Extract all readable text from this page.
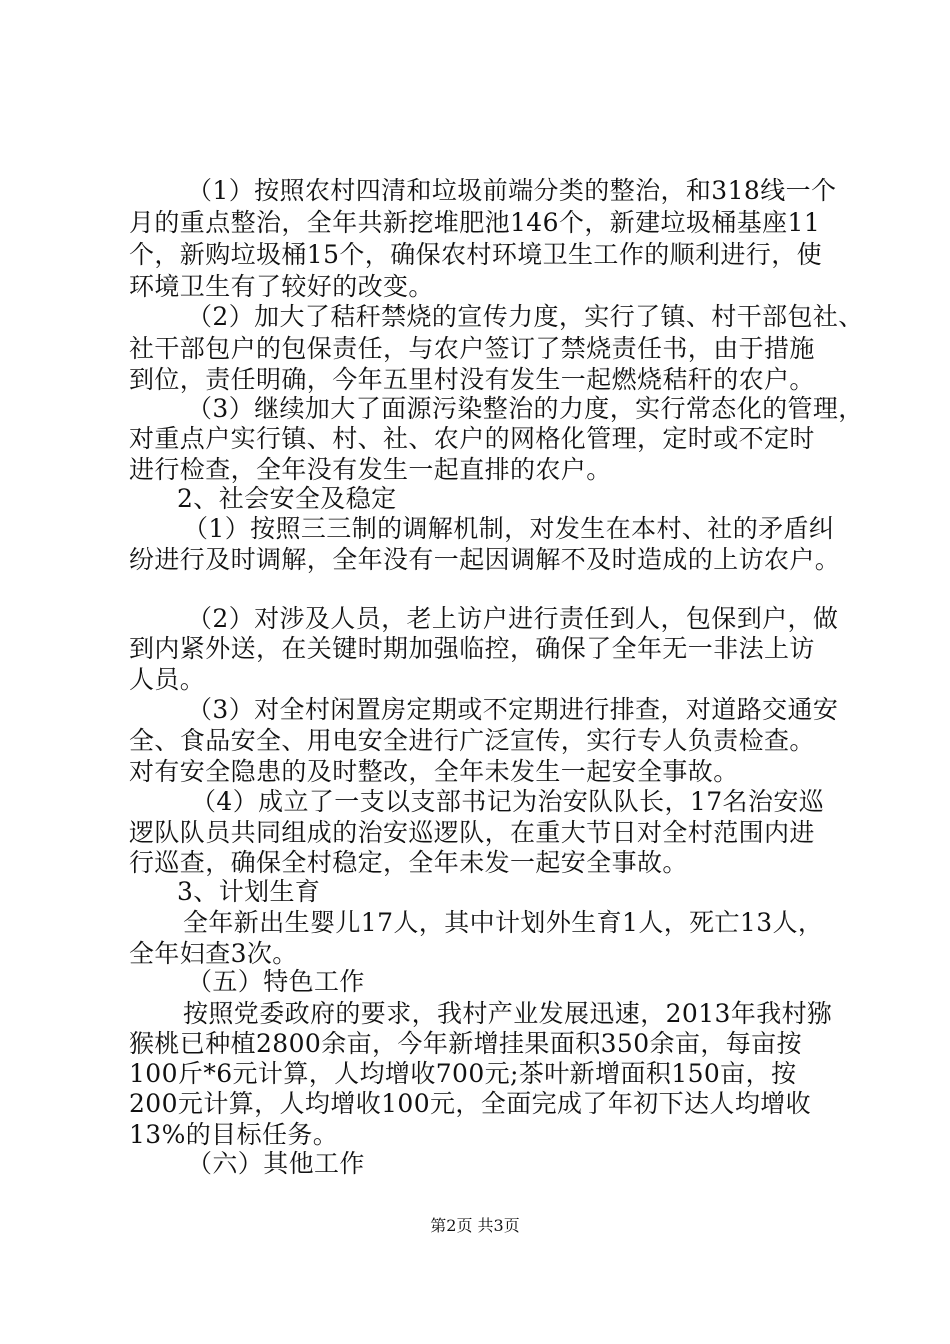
（1）按照农村四清和垃圾前端分类的整治，和318线一个
月的重点整治，全年共新挖堆肥池146个，新建垃圾桶基座11
个，新购垃圾桶15个，确保农村环境卫生工作的顺利进行，使
环境卫生有了较好的改变。
（2）加大了秸秆禁烧的宣传力度，实行了镇、村干部包社、
社干部包户的包保责任，与农户签订了禁烧责任书，由于措施
到位，责任明确，今年五里村没有发生一起燃烧秸秆的农户。
（3）继续加大了面源污染整治的力度，实行常态化的管理，
对重点户实行镇、村、社、农户的网格化管理，定时或不定时
进行检查，全年没有发生一起直排的农户。
2、社会安全及稳定
（1）按照三三制的调解机制，对发生在本村、社的矛盾纠
纷进行及时调解，全年没有一起因调解不及时造成的上访农户。
（2）对涉及人员，老上访户进行责任到人，包保到户，做
到内紧外送，在关键时期加强临控，确保了全年无一非法上访
人员。
（3）对全村闲置房定期或不定期进行排查，对道路交通安
全、食品安全、用电安全进行广泛宣传，实行专人负责检查。
对有安全隐患的及时整改，全年未发生一起安全事故。
（4）成立了一支以支部书记为治安队队长，17名治安巡
逻队队员共同组成的治安巡逻队，在重大节日对全村范围内进
行巡查，确保全村稳定，全年未发一起安全事故。
3、计划生育
全年新出生婴儿17人，其中计划外生育1人，死亡13人，
全年妇查3次。
（五）特色工作
按照党委政府的要求，我村产业发展迅速，2013年我村猕
猴桃已种植2800余亩，今年新增挂果面积350余亩，每亩按
100斤*6元计算，人均增收700元;茶叶新增面积150亩，按
200元计算，人均增收100元，全面完成了年初下达人均增收
13%的目标任务。
（六）其他工作
第2页 共3页
